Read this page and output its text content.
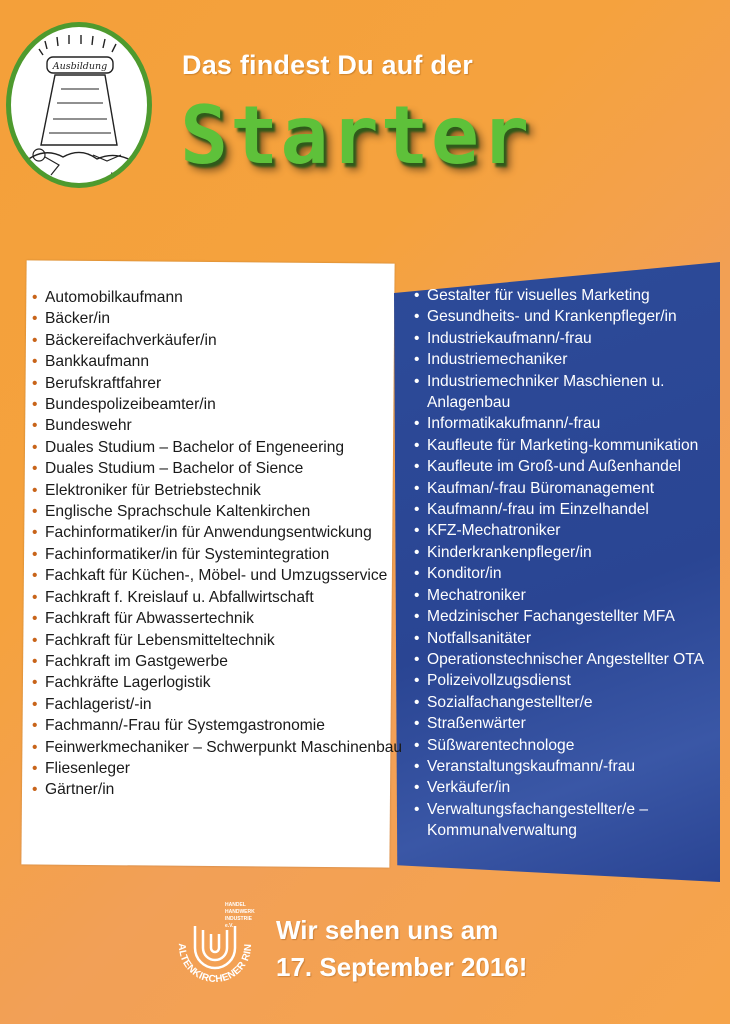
Ausbildung	Das findest Du auf der
Starter
• Automobilkaufmann
• Bäcker/in
• Bäckereifachverkäufer/in
• Bankkaufmann
• Berufskraftfahrer
• Bundespolizeibeamter/in
• Bundeswehr
• Duales Studium – Bachelor of Engeneering
• Duales Studium – Bachelor of Sience
• Elektroniker für Betriebstechnik
• Englische Sprachschule Kaltenkirchen
• Fachinformatiker/in für Anwendungsentwickung
• Fachinformatiker/in für Systemintegration
• Fachkaft für Küchen-, Möbel- und Umzugsservice
• Fachkraft f. Kreislauf u. Abfallwirtschaft
• Fachkraft für Abwassertechnik
• Fachkraft für Lebensmitteltechnik
• Fachkraft im Gastgewerbe
• Fachkräfte Lagerlogistik
• Fachlagerist/-in
• Fachmann/-Frau für Systemgastronomie
• Feinwerkmechaniker – Schwerpunkt Maschinenbau
• Fliesenleger
• Gärtner/in
• Gestalter für visuelles Marketing
• Gesundheits- und Krankenpfleger/in
• Industriekaufmann/-frau
• Industriemechaniker
• Industriemechniker Maschienen u. Anlagenbau
• Informatikakufmann/-frau
• Kaufleute für Marketing-kommunikation
• Kaufleute im Groß-und Außenhandel
• Kaufman/-frau Büromanagement
• Kaufmann/-frau im Einzelhandel
• KFZ-Mechatroniker
• Kinderkrankenpfleger/in
• Konditor/in
• Mechatroniker
• Medzinischer Fachangestellter MFA
• Notfallsanitäter
• Operationstechnischer Angestellter OTA
• Polizeivollzugsdienst
• Sozialfachangestellter/e
• Straßenwärter
• Süßwarentechnologe
• Veranstaltungskaufmann/-frau
• Verkäufer/in
• Verwaltungsfachangestellter/e – Kommunalverwaltung
ALTENKIRCHENER RIN
HANDEL
HANDWERK
INDUSTRIE
e.V. Wir sehen uns am
17. September 2016!
